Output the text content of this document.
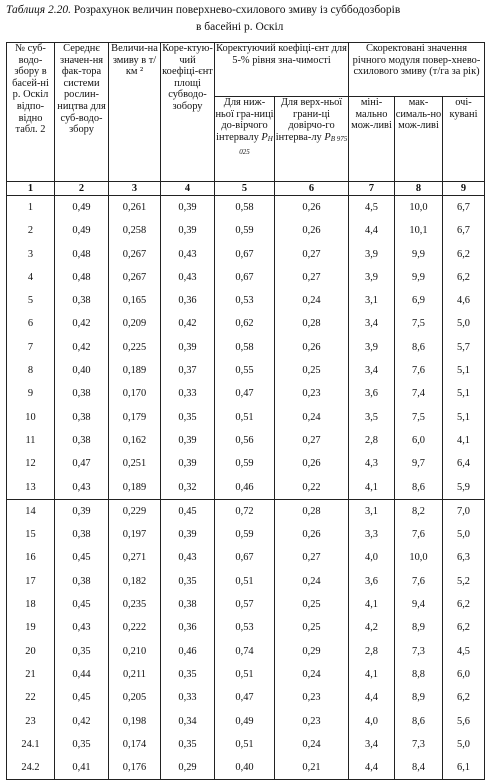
Таблиця 2.20. Розрахунок величин поверхнево-схилового змиву із суббодозборів
в басейні р. Оскіл
№ суб-водо-збору в басей-ні р. Оскіл відпо-відно табл. 2	Середнє значен-ня фак-тора системи рослин-ництва для суб-водо-збору	Величи-на змиву в т/км ²	Коре-ктую-чий коефіці-єнт площі субводо-зобору	Коректуючий коефіці-єнт для 5-% рівня зна-чимості		Скоректовані значення річного модуля повер-хнево-схилового змиву (т/га за рік)		
				Для ниж-ньої гра-ниці до-вірчого інтервалу PH 025	Для верх-ньої грани-ці довірчо-го інтерва-лу PB 975	міні-мально мож-ливі	мак-сималь-но мож-ливі	очі-кувані
1	2	3	4	5	6	7	8	9
1	0,49	0,261	0,39	0,58	0,26	4,5	10,0	6,7
2	0,49	0,258	0,39	0,59	0,26	4,4	10,1	6,7
3	0,48	0,267	0,43	0,67	0,27	3,9	9,9	6,2
4	0,48	0,267	0,43	0,67	0,27	3,9	9,9	6,2
5	0,38	0,165	0,36	0,53	0,24	3,1	6,9	4,6
6	0,42	0,209	0,42	0,62	0,28	3,4	7,5	5,0
7	0,42	0,225	0,39	0,58	0,26	3,9	8,6	5,7
8	0,40	0,189	0,37	0,55	0,25	3,4	7,6	5,1
9	0,38	0,170	0,33	0,47	0,23	3,6	7,4	5,1
10	0,38	0,179	0,35	0,51	0,24	3,5	7,5	5,1
11	0,38	0,162	0,39	0,56	0,27	2,8	6,0	4,1
12	0,47	0,251	0,39	0,59	0,26	4,3	9,7	6,4
13	0,43	0,189	0,32	0,46	0,22	4,1	8,6	5,9
14	0,39	0,229	0,45	0,72	0,28	3,1	8,2	7,0
15	0,38	0,197	0,39	0,59	0,26	3,3	7,6	5,0
16	0,45	0,271	0,43	0,67	0,27	4,0	10,0	6,3
17	0,38	0,182	0,35	0,51	0,24	3,6	7,6	5,2
18	0,45	0,235	0,38	0,57	0,25	4,1	9,4	6,2
19	0,43	0,222	0,36	0,53	0,25	4,2	8,9	6,2
20	0,35	0,210	0,46	0,74	0,29	2,8	7,3	4,5
21	0,44	0,211	0,35	0,51	0,24	4,1	8,8	6,0
22	0,45	0,205	0,33	0,47	0,23	4,4	8,9	6,2
23	0,42	0,198	0,34	0,49	0,23	4,0	8,6	5,6
24.1	0,35	0,174	0,35	0,51	0,24	3,4	7,3	5,0
24.2	0,41	0,176	0,29	0,40	0,21	4,4	8,4	6,1
